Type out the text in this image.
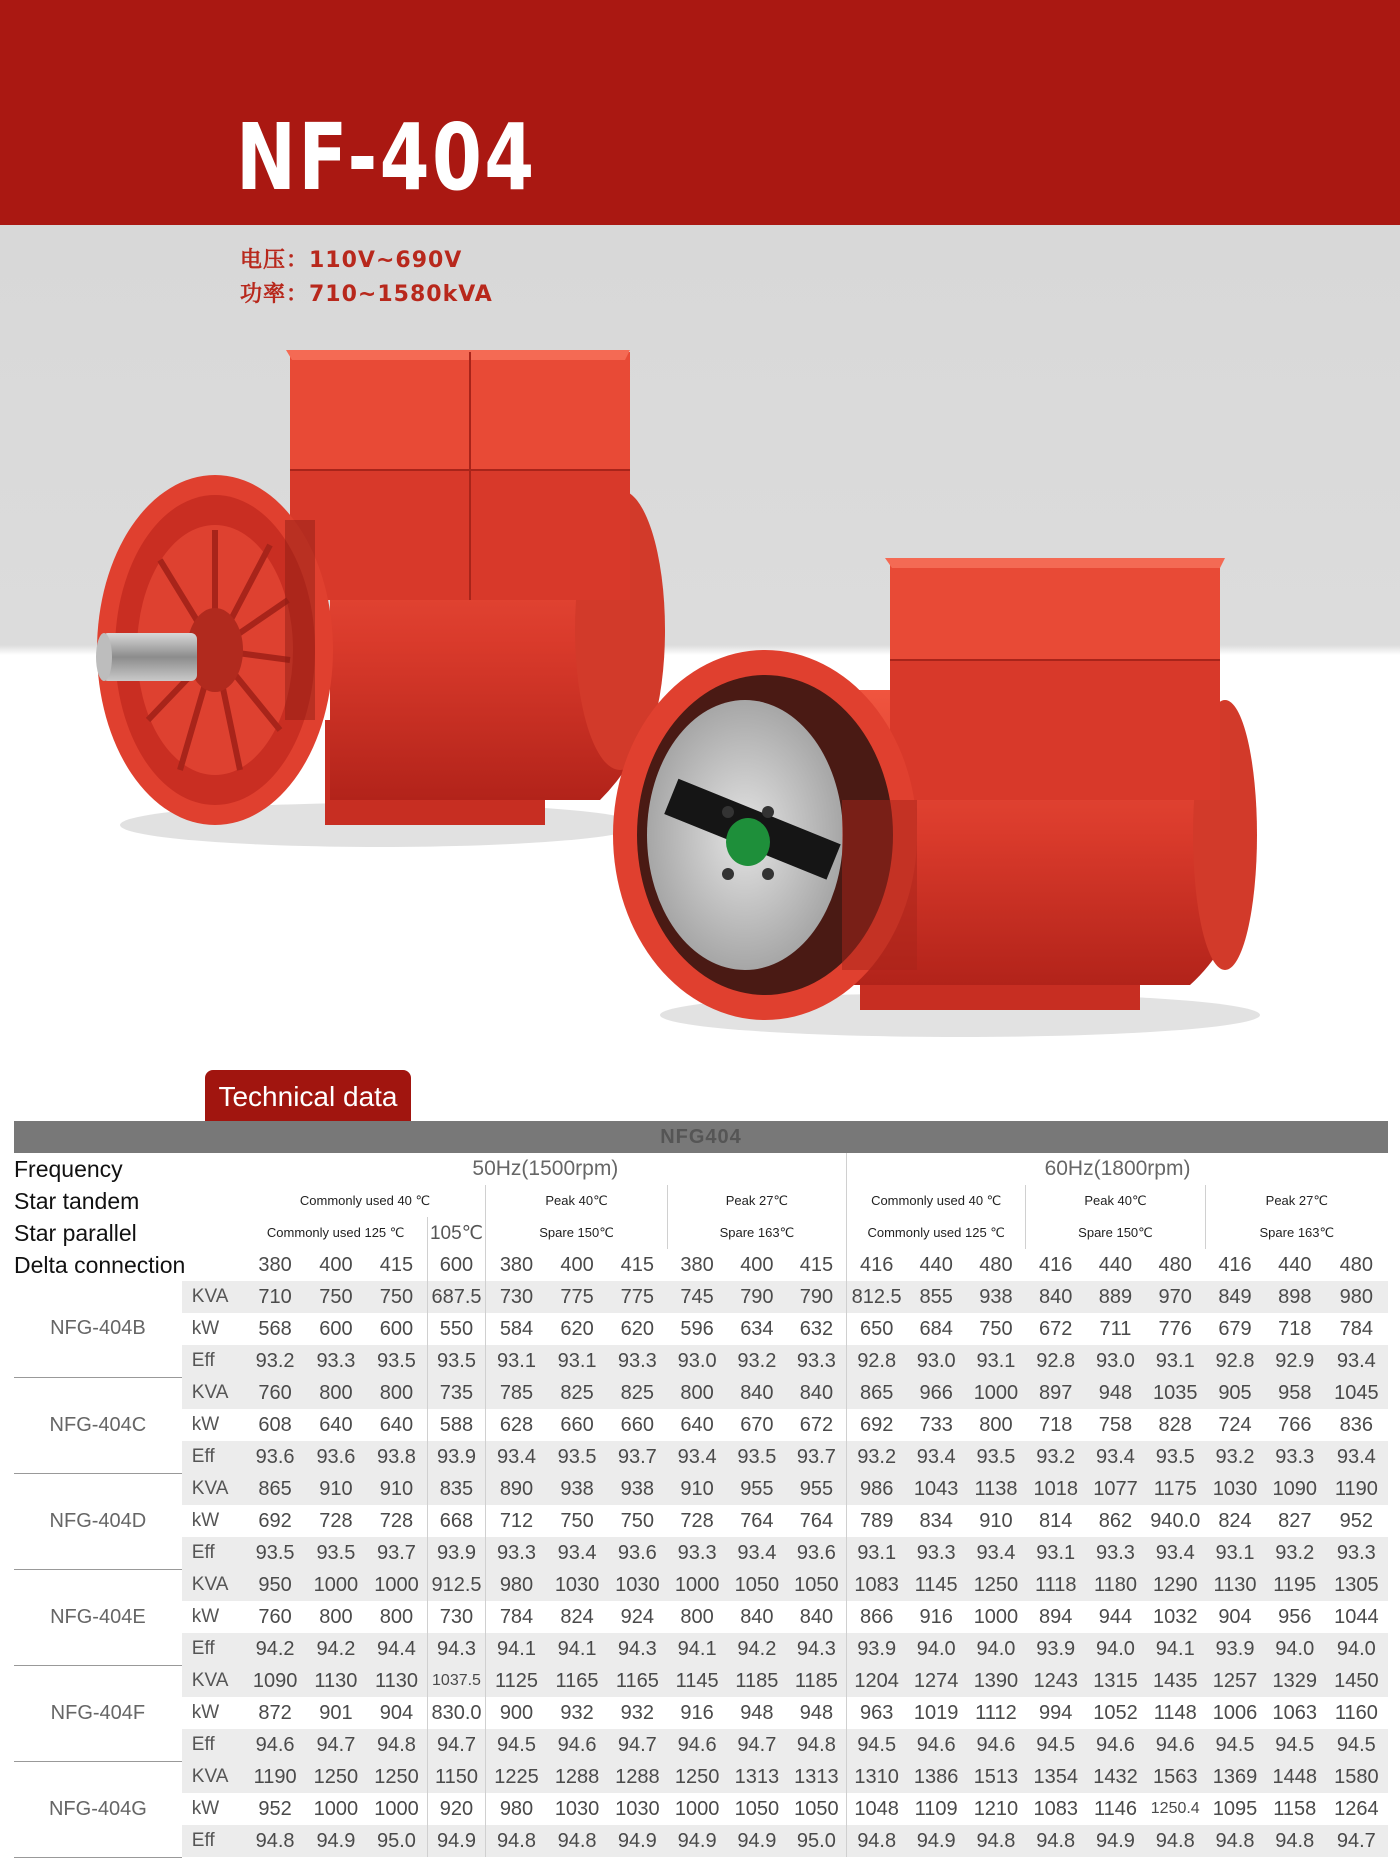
NF-404
电压：110V~690V
功率：710~1580kVA
Technical data
NFG404																				
Frequency		50Hz(1500rpm)										60Hz(1800rpm)								
Star tandem		Commonly used 40 ℃				Peak 40℃			Peak 27℃			Commonly used 40 ℃			Peak 40℃			Peak 27℃		
Star parallel		Commonly used 125 ℃			105℃	Spare 150℃			Spare 163℃			Commonly used 125 ℃			Spare 150℃			Spare 163℃		
Delta connection		380	400	415	600	380	400	415	380	400	415	416	440	480	416	440	480	416	440	480
NFG-404B	KVA	710	750	750	687.5	730	775	775	745	790	790	812.5	855	938	840	889	970	849	898	980
	kW	568	600	600	550	584	620	620	596	634	632	650	684	750	672	711	776	679	718	784
	Eff	93.2	93.3	93.5	93.5	93.1	93.1	93.3	93.0	93.2	93.3	92.8	93.0	93.1	92.8	93.0	93.1	92.8	92.9	93.4
NFG-404C	KVA	760	800	800	735	785	825	825	800	840	840	865	966	1000	897	948	1035	905	958	1045
	kW	608	640	640	588	628	660	660	640	670	672	692	733	800	718	758	828	724	766	836
	Eff	93.6	93.6	93.8	93.9	93.4	93.5	93.7	93.4	93.5	93.7	93.2	93.4	93.5	93.2	93.4	93.5	93.2	93.3	93.4
NFG-404D	KVA	865	910	910	835	890	938	938	910	955	955	986	1043	1138	1018	1077	1175	1030	1090	1190
	kW	692	728	728	668	712	750	750	728	764	764	789	834	910	814	862	940.0	824	827	952
	Eff	93.5	93.5	93.7	93.9	93.3	93.4	93.6	93.3	93.4	93.6	93.1	93.3	93.4	93.1	93.3	93.4	93.1	93.2	93.3
NFG-404E	KVA	950	1000	1000	912.5	980	1030	1030	1000	1050	1050	1083	1145	1250	1118	1180	1290	1130	1195	1305
	kW	760	800	800	730	784	824	924	800	840	840	866	916	1000	894	944	1032	904	956	1044
	Eff	94.2	94.2	94.4	94.3	94.1	94.1	94.3	94.1	94.2	94.3	93.9	94.0	94.0	93.9	94.0	94.1	93.9	94.0	94.0
NFG-404F	KVA	1090	1130	1130	1037.5	1125	1165	1165	1145	1185	1185	1204	1274	1390	1243	1315	1435	1257	1329	1450
	kW	872	901	904	830.0	900	932	932	916	948	948	963	1019	1112	994	1052	1148	1006	1063	1160
	Eff	94.6	94.7	94.8	94.7	94.5	94.6	94.7	94.6	94.7	94.8	94.5	94.6	94.6	94.5	94.6	94.6	94.5	94.5	94.5
NFG-404G	KVA	1190	1250	1250	1150	1225	1288	1288	1250	1313	1313	1310	1386	1513	1354	1432	1563	1369	1448	1580
	kW	952	1000	1000	920	980	1030	1030	1000	1050	1050	1048	1109	1210	1083	1146	1250.4	1095	1158	1264
	Eff	94.8	94.9	95.0	94.9	94.8	94.8	94.9	94.9	94.9	95.0	94.8	94.9	94.8	94.8	94.9	94.8	94.8	94.8	94.7
